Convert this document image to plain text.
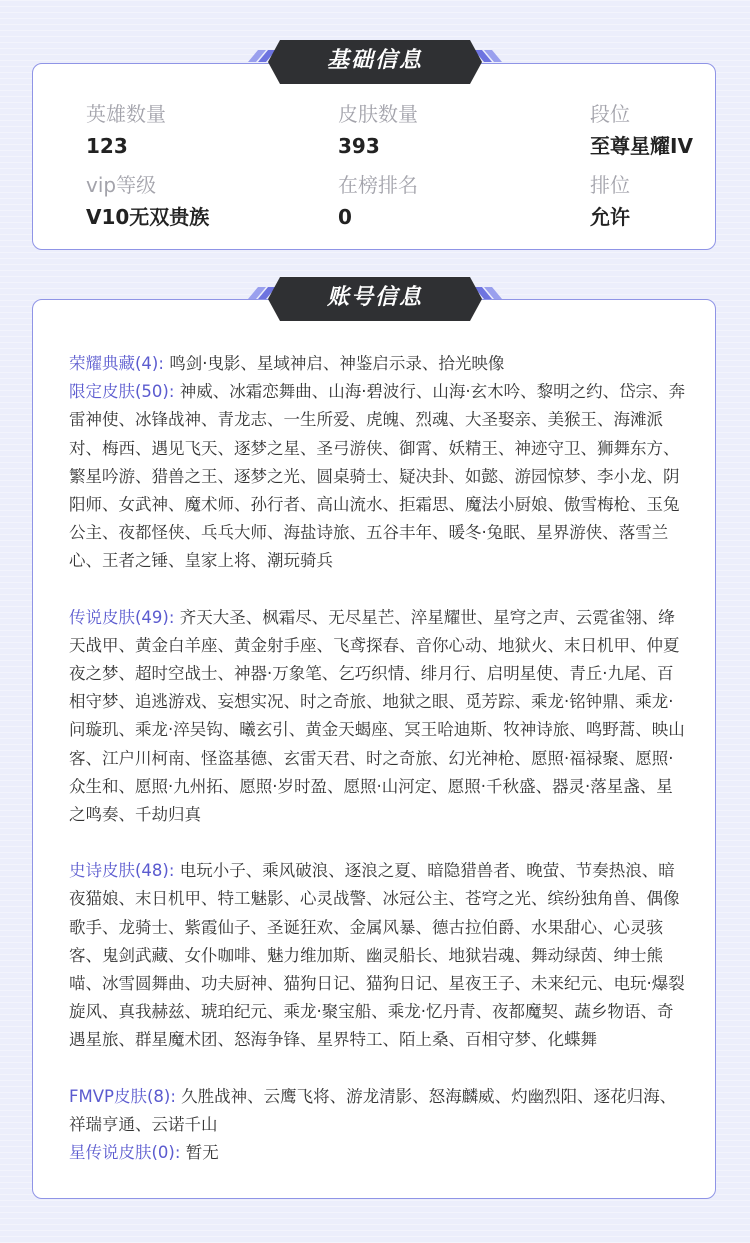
英雄数量
123
皮肤数量
393
段位
至尊星耀IV
vip等级
V10无双贵族
在榜排名
0
排位
允许
基础信息
荣耀典藏(4): 鸣剑·曳影、星域神启、神鉴启示录、拾光映像
限定皮肤(50): 神威、冰霜恋舞曲、山海·碧波行、山海·玄木吟、黎明之约、岱宗、奔雷神使、冰锋战神、青龙志、一生所爱、虎魄、烈魂、大圣娶亲、美猴王、海滩派对、梅西、遇见飞天、逐梦之星、圣弓游侠、御霄、妖精王、神迹守卫、狮舞东方、繁星吟游、猎兽之王、逐梦之光、圆桌骑士、疑决卦、如懿、游园惊梦、李小龙、阴阳师、女武神、魔术师、孙行者、高山流水、拒霜思、魔法小厨娘、傲雪梅枪、玉兔公主、夜都怪侠、乓乓大师、海盐诗旅、五谷丰年、暖冬·兔眠、星界游侠、落雪兰心、王者之锤、皇家上将、潮玩骑兵
传说皮肤(49): 齐天大圣、枫霜尽、无尽星芒、淬星耀世、星穹之声、云霓雀翎、绛天战甲、黄金白羊座、黄金射手座、飞鸢探春、音你心动、地狱火、末日机甲、仲夏夜之梦、超时空战士、神器·万象笔、乞巧织情、绯月行、启明星使、青丘·九尾、百相守梦、追逃游戏、妄想实况、时之奇旅、地狱之眼、觅芳踪、乘龙·铭钟鼎、乘龙·问璇玑、乘龙·淬吴钩、曦玄引、黄金天蝎座、冥王哈迪斯、牧神诗旅、鸣野蒿、映山客、江户川柯南、怪盗基德、玄雷天君、时之奇旅、幻光神枪、愿照·福禄聚、愿照·众生和、愿照·九州拓、愿照·岁时盈、愿照·山河定、愿照·千秋盛、器灵·落星盏、星之鸣奏、千劫归真
史诗皮肤(48): 电玩小子、乘风破浪、逐浪之夏、暗隐猎兽者、晚萤、节奏热浪、暗夜猫娘、末日机甲、特工魅影、心灵战警、冰冠公主、苍穹之光、缤纷独角兽、偶像歌手、龙骑士、紫霞仙子、圣诞狂欢、金属风暴、德古拉伯爵、水果甜心、心灵骇客、鬼剑武藏、女仆咖啡、魅力维加斯、幽灵船长、地狱岩魂、舞动绿茵、绅士熊喵、冰雪圆舞曲、功夫厨神、猫狗日记、猫狗日记、星夜王子、未来纪元、电玩·爆裂旋风、真我赫兹、琥珀纪元、乘龙·聚宝船、乘龙·忆丹青、夜都魔契、蔬乡物语、奇遇星旅、群星魔术团、怒海争锋、星界特工、陌上桑、百相守梦、化蝶舞
FMVP皮肤(8): 久胜战神、云鹰飞将、游龙清影、怒海麟威、灼幽烈阳、逐花归海、祥瑞亨通、云诺千山
星传说皮肤(0): 暂无
账号信息
